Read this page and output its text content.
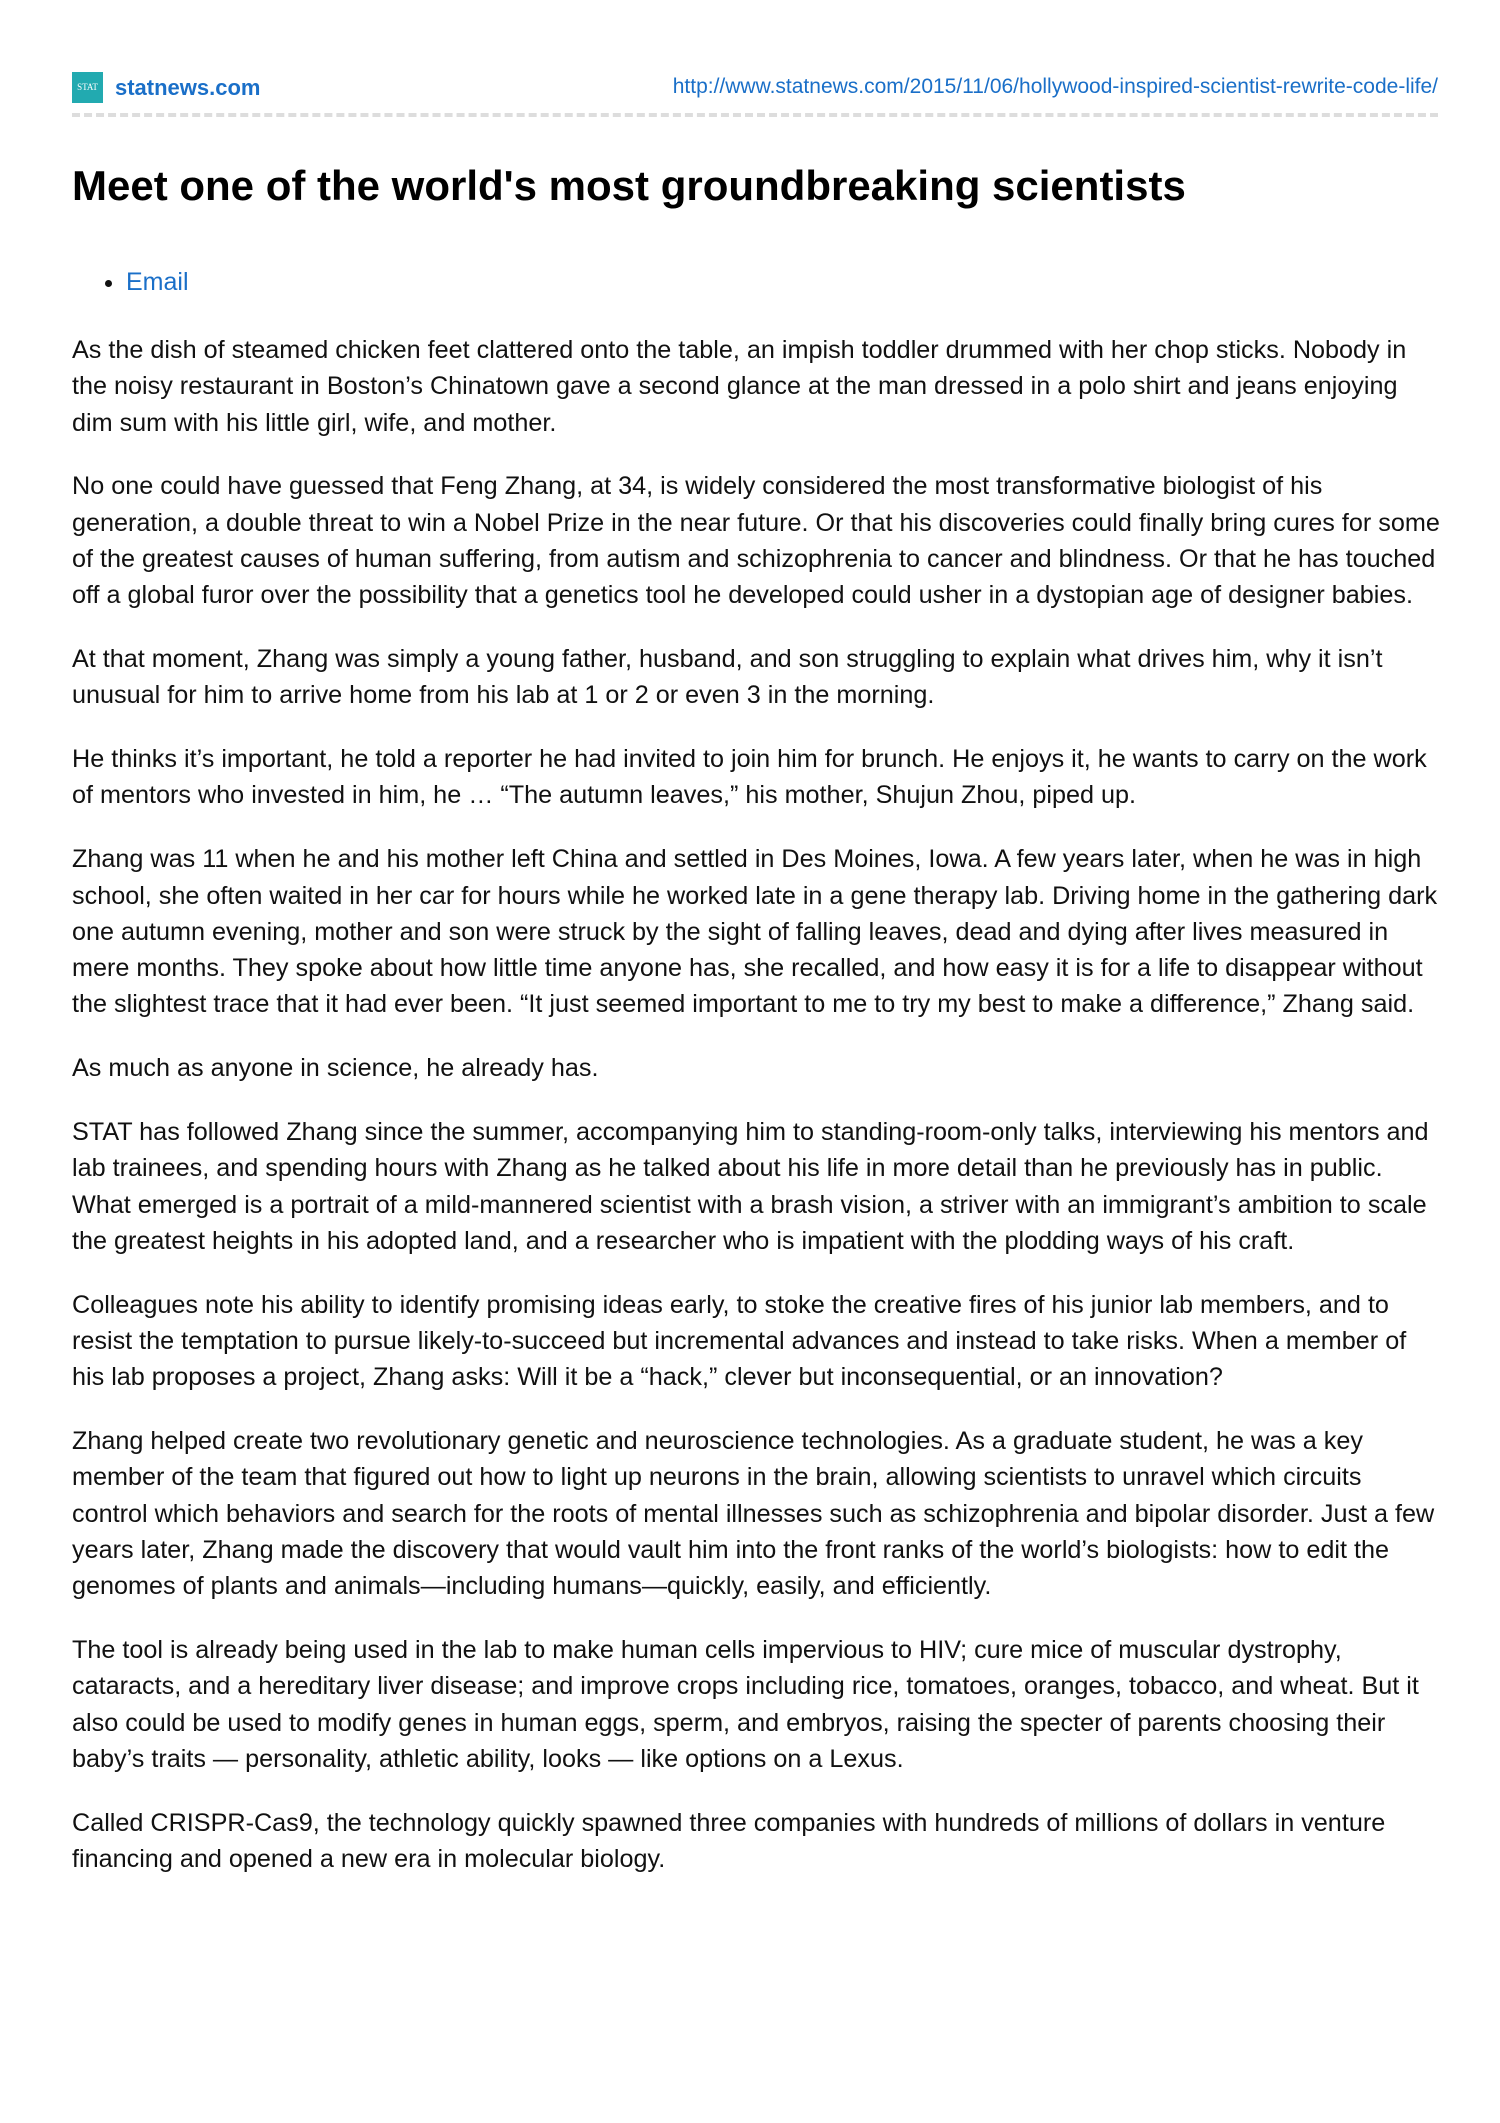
STAT statnews.com	http://www.statnews.com/2015/11/06/hollywood-inspired-scientist-rewrite-code-life/
Meet one of the world's most groundbreaking scientists
• Email

As the dish of steamed chicken feet clattered onto the table, an impish toddler drummed with her chop sticks. Nobody in the noisy restaurant in Boston’s Chinatown gave a second glance at the man dressed in a polo shirt and jeans enjoying dim sum with his little girl, wife, and mother.

No one could have guessed that Feng Zhang, at 34, is widely considered the most transformative biologist of his generation, a double threat to win a Nobel Prize in the near future. Or that his discoveries could finally bring cures for some of the greatest causes of human suffering, from autism and schizophrenia to cancer and blindness. Or that he has touched off a global furor over the possibility that a genetics tool he developed could usher in a dystopian age of designer babies.

At that moment, Zhang was simply a young father, husband, and son struggling to explain what drives him, why it isn’t unusual for him to arrive home from his lab at 1 or 2 or even 3 in the morning.

He thinks it’s important, he told a reporter he had invited to join him for brunch. He enjoys it, he wants to carry on the work of mentors who invested in him, he … “The autumn leaves,” his mother, Shujun Zhou, piped up.

Zhang was 11 when he and his mother left China and settled in Des Moines, Iowa. A few years later, when he was in high school, she often waited in her car for hours while he worked late in a gene therapy lab. Driving home in the gathering dark one autumn evening, mother and son were struck by the sight of falling leaves, dead and dying after lives measured in mere months. They spoke about how little time anyone has, she recalled, and how easy it is for a life to disappear without the slightest trace that it had ever been. “It just seemed important to me to try my best to make a difference,” Zhang said.

As much as anyone in science, he already has.

STAT has followed Zhang since the summer, accompanying him to standing-room-only talks, interviewing his mentors and lab trainees, and spending hours with Zhang as he talked about his life in more detail than he previously has in public. What emerged is a portrait of a mild-mannered scientist with a brash vision, a striver with an immigrant’s ambition to scale the greatest heights in his adopted land, and a researcher who is impatient with the plodding ways of his craft.

Colleagues note his ability to identify promising ideas early, to stoke the creative fires of his junior lab members, and to resist the temptation to pursue likely-to-succeed but incremental advances and instead to take risks. When a member of his lab proposes a project, Zhang asks: Will it be a “hack,” clever but inconsequential, or an innovation?

Zhang helped create two revolutionary genetic and neuroscience technologies. As a graduate student, he was a key member of the team that figured out how to light up neurons in the brain, allowing scientists to unravel which circuits control which behaviors and search for the roots of mental illnesses such as schizophrenia and bipolar disorder. Just a few years later, Zhang made the discovery that would vault him into the front ranks of the world’s biologists: how to edit the genomes of plants and animals—including humans—quickly, easily, and efficiently.

The tool is already being used in the lab to make human cells impervious to HIV; cure mice of muscular dystrophy, cataracts, and a hereditary liver disease; and improve crops including rice, tomatoes, oranges, tobacco, and wheat. But it also could be used to modify genes in human eggs, sperm, and embryos, raising the specter of parents choosing their baby’s traits — personality, athletic ability, looks — like options on a Lexus.

Called CRISPR-Cas9, the technology quickly spawned three companies with hundreds of millions of dollars in venture financing and opened a new era in molecular biology.
